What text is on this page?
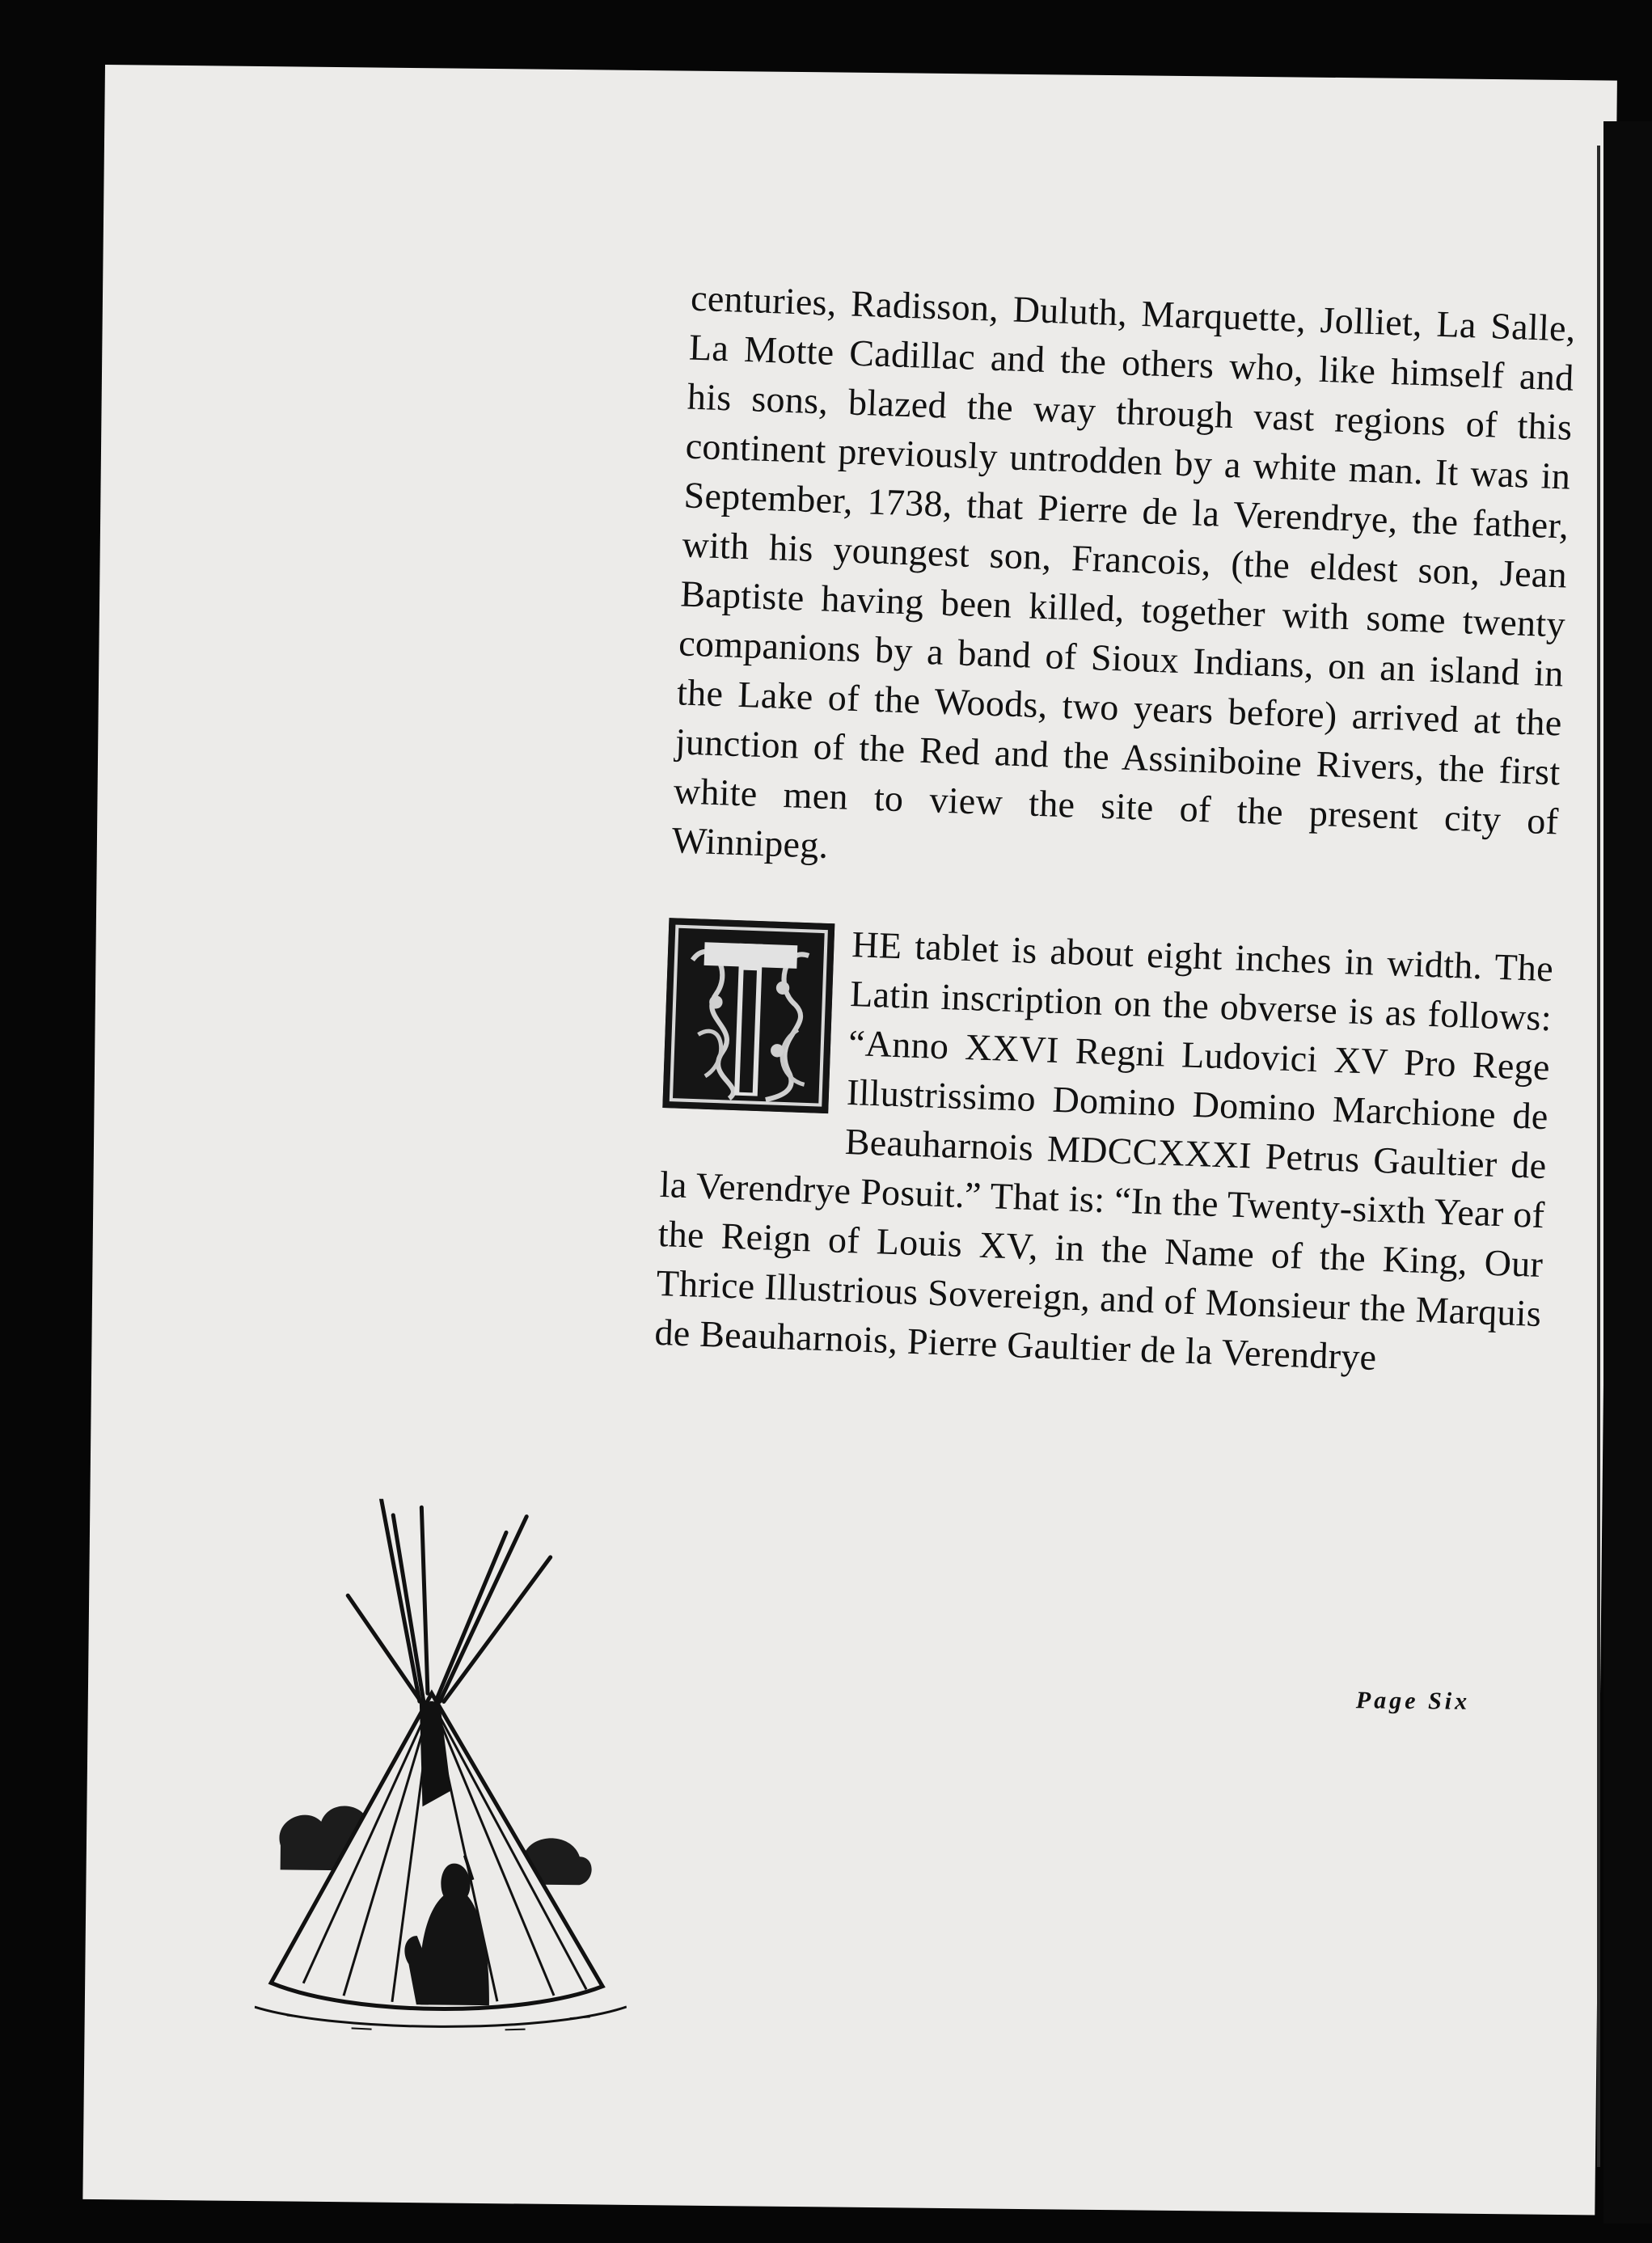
centuries, Radisson, Duluth, Marquette, Jolliet, La Salle, La Motte Cadillac and the others who, like himself and his sons, blazed the way through vast regions of this continent previously untrodden by a white man. It was in September, 1738, that Pierre de la Verendrye, the father, with his youngest son, Francois, (the eldest son, Jean Baptiste having been killed, together with some twenty companions by a band of Sioux Indians, on an island in the Lake of the Woods, two years before) arrived at the junction of the Red and the Assiniboine Rivers, the first white men to view the site of the present city of Winnipeg.

HE tablet is about eight inches in width. The Latin inscription on the obverse is as follows: “Anno XXVI Regni Ludovici XV Pro Rege Illustrissimo Domino Domino Marchione de Beauharnois MDCCXXXI Petrus Gaultier de la Verendrye Posuit.” That is: “In the Twenty-sixth Year of the Reign of Louis XV, in the Name of the King, Our Thrice Illustrious Sovereign, and of Monsieur the Marquis de Beauharnois, Pierre Gaultier de la Verendrye

Page Six
